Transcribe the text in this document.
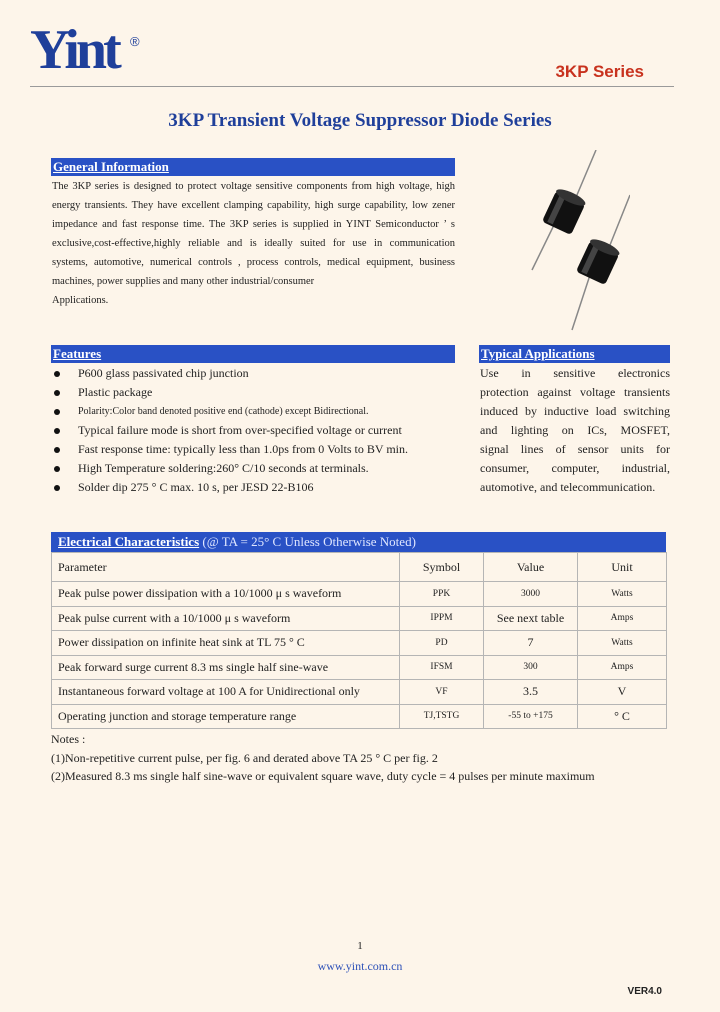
Yint ®
3KP Series
3KP Transient Voltage Suppressor Diode Series
General Information
The 3KP series is designed to protect voltage sensitive components from high voltage, high
energy transients. They have excellent clamping capability, high surge capability, low zener
impedance and fast response time. The 3KP series is supplied in YINT Semiconductor ’ s
exclusive,cost-effective,highly reliable and is ideally suited for use in communication
systems, automotive, numerical controls , process controls, medical equipment, business
machines, power supplies and many other industrial/consumer
Applications.
Features
P600 glass passivated chip junction
Plastic package
Polarity:Color band denoted positive end (cathode) except Bidirectional.
Typical failure mode is short from over-specified voltage or current
Fast response time: typically less than 1.0ps from 0 Volts to BV min.
High Temperature soldering:260° C/10 seconds at terminals.
Solder dip 275 ° C max. 10 s, per JESD 22-B106
Typical Applications
Use in sensitive electronics
protection against voltage transients
induced by inductive load switching
and lighting on ICs, MOSFET,
signal lines of sensor units for
consumer, computer, industrial,
automotive, and telecommunication.
Electrical Characteristics (@ TA = 25° C Unless Otherwise Noted)
Parameter	Symbol	Value	Unit
Peak pulse power dissipation with a 10/1000 μ s waveform	PPK	3000	Watts
Peak pulse current with a 10/1000 μ s waveform	IPPM	See next table	Amps
Power dissipation on infinite heat sink at TL 75 ° C	PD	7	Watts
Peak forward surge current 8.3 ms single half sine-wave	IFSM	300	Amps
Instantaneous forward voltage at 100 A for Unidirectional only	VF	3.5	V
Operating junction and storage temperature range	TJ,TSTG	-55 to +175	° C
Notes :
(1)Non-repetitive current pulse, per fig. 6 and derated above TA 25 ° C per fig. 2
(2)Measured 8.3 ms single half sine-wave or equivalent square wave, duty cycle = 4 pulses per minute maximum
1
www.yint.com.cn
VER4.0
